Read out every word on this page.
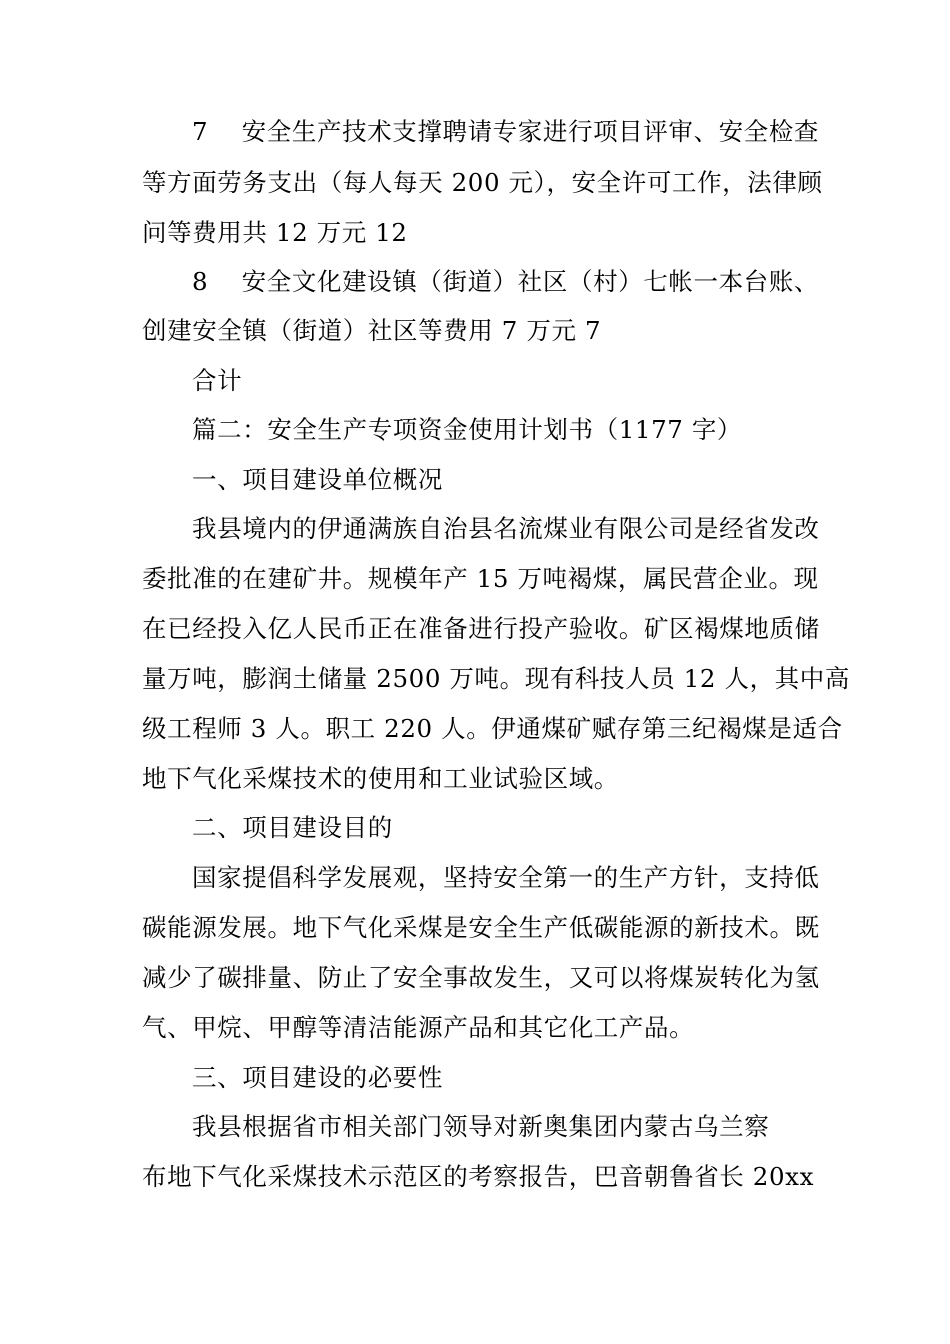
7　 安全生产技术支撑聘请专家进行项目评审、安全检查
等方面劳务支出（每人每天 200 元），安全许可工作，法律顾
问等费用共 12 万元 12
8　 安全文化建设镇（街道）社区（村）七帐一本台账、
创建安全镇（街道）社区等费用 7 万元 7
合计
篇二：安全生产专项资金使用计划书（1177 字）
一、项目建设单位概况
我县境内的伊通满族自治县名流煤业有限公司是经省发改
委批准的在建矿井。规模年产 15 万吨褐煤，属民营企业。现
在已经投入亿人民币正在准备进行投产验收。矿区褐煤地质储
量万吨，膨润土储量 2500 万吨。现有科技人员 12 人，其中高
级工程师 3 人。职工 220 人。伊通煤矿赋存第三纪褐煤是适合
地下气化采煤技术的使用和工业试验区域。
二、项目建设目的
国家提倡科学发展观，坚持安全第一的生产方针，支持低
碳能源发展。地下气化采煤是安全生产低碳能源的新技术。既
减少了碳排量、防止了安全事故发生，又可以将煤炭转化为氢
气、甲烷、甲醇等清洁能源产品和其它化工产品。
三、项目建设的必要性
我县根据省市相关部门领导对新奥集团内蒙古乌兰察
布地下气化采煤技术示范区的考察报告，巴音朝鲁省长 20xx
